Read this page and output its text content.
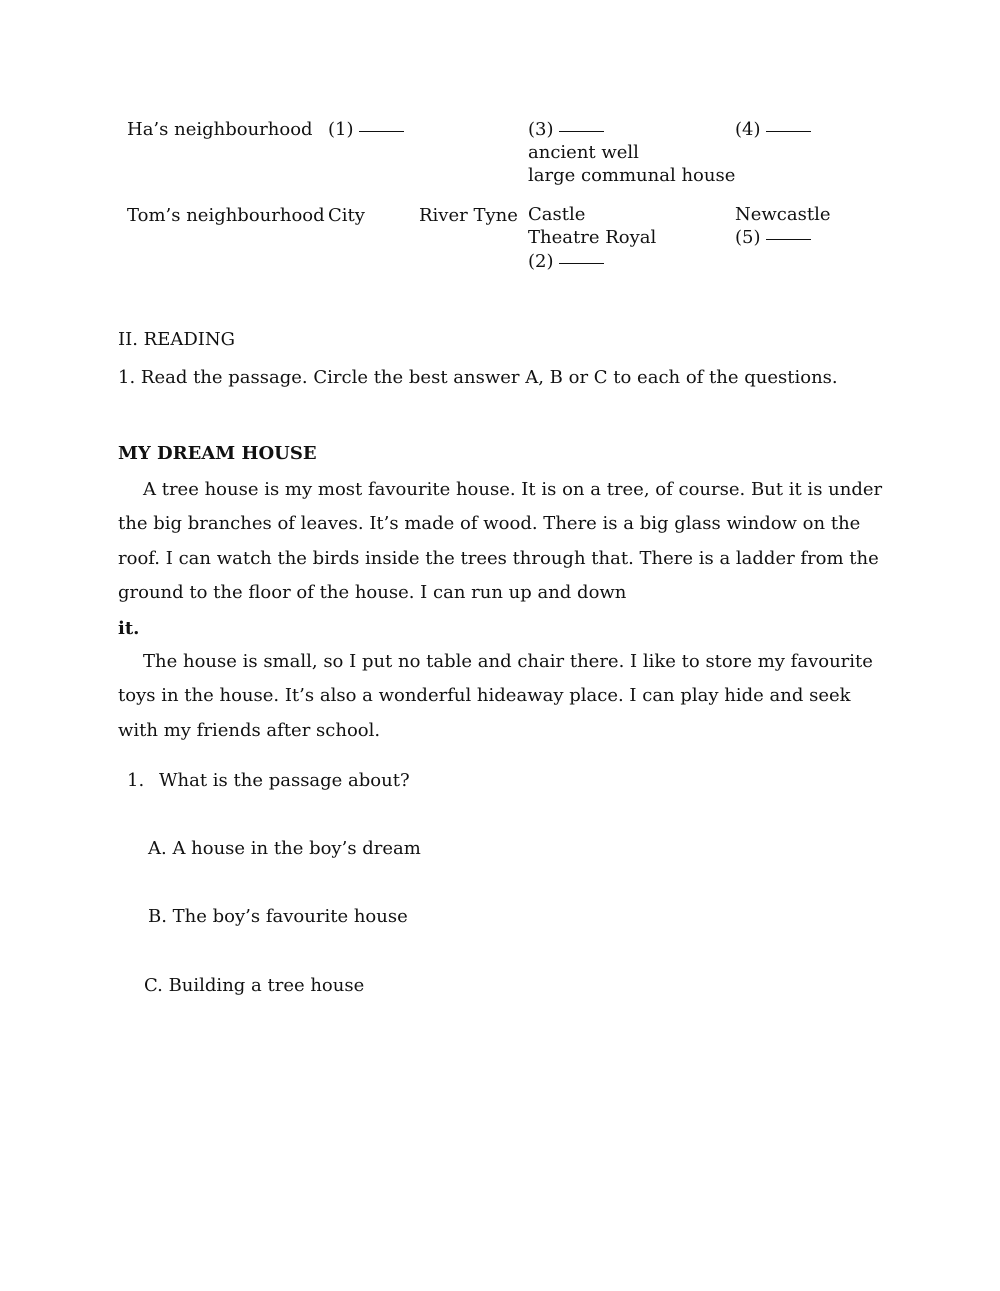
Ha’s neighbourhood (1)	(3)
ancient well
large communal house
(4)
Tom’s neighbourhood City	River Tyne Castle
Theatre Royal
(2)
Newcastle
(5)
II. READING
1. Read the passage. Circle the best answer A, B or C to each of the questions.
MY DREAM HOUSE
A tree house is my most favourite house. It is on a tree, of course. But it is under the big branches of leaves. It’s made of wood. There is a big glass window on the roof. I can watch the birds inside the trees through that. There is a ladder from the ground to the floor of the house. I can run up and down
it.
The house is small, so I put no table and chair there. I like to store my favourite toys in the house. It’s also a wonderful hideaway place. I can play hide and seek with my friends after school.
1. What is the passage about?
A. A house in the boy’s dream
B. The boy’s favourite house
C. Building a tree house
